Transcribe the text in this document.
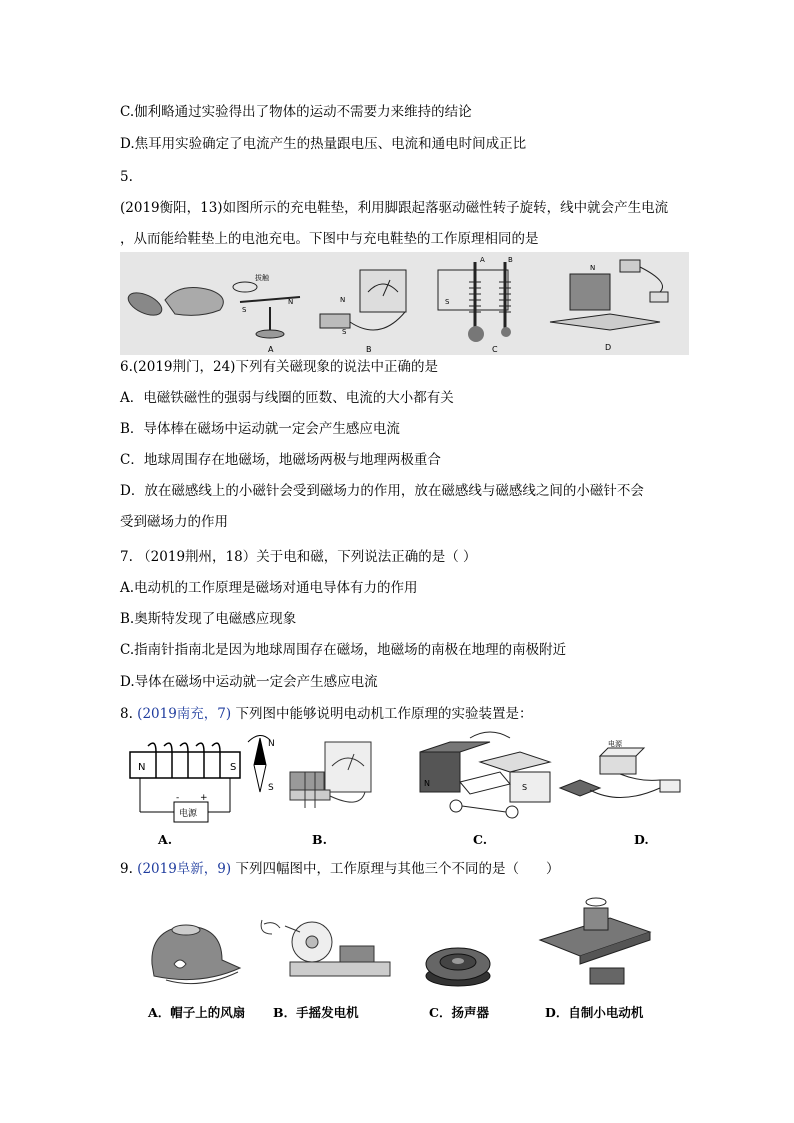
C.伽利略通过实验得出了物体的运动不需要力来维持的结论
D.焦耳用实验确定了电流产生的热量跟电压、电流和通电时间成正比
5.
(2019衡阳，13)如图所示的充电鞋垫，利用脚跟起落驱动磁性转子旋转，线中就会产生电流
，从而能给鞋垫上的电池充电。下图中与充电鞋垫的工作原理相同的是
拔触
S
N
A
N
S
B
A	B
S
C
N
D
6.(2019荆门，24)下列有关磁现象的说法中正确的是
A．电磁铁磁性的强弱与线圈的匝数、电流的大小都有关
B．导体棒在磁场中运动就一定会产生感应电流
C．地球周围存在地磁场，地磁场两极与地理两极重合
D．放在磁感线上的小磁针会受到磁场力的作用，放在磁感线与磁感线之间的小磁针不会
受到磁场力的作用
7. （2019荆州，18）关于电和磁，下列说法正确的是（ ）
A.电动机的工作原理是磁场对通电导体有力的作用
B.奥斯特发现了电磁感应现象
C.指南针指南北是因为地球周围存在磁场，地磁场的南极在地理的南极附近
D.导体在磁场中运动就一定会产生感应电流
8. (2019南充，7) 下列图中能够说明电动机工作原理的实验装置是：
N	S
N
S
- +
电源
N	S
电源
A.	B.	C.	D.
9. (2019阜新，9) 下列四幅图中，工作原理与其他三个不同的是（　　）
A．帽子上的风扇 B．手摇发电机	C．扬声器	D．自制小电动机
